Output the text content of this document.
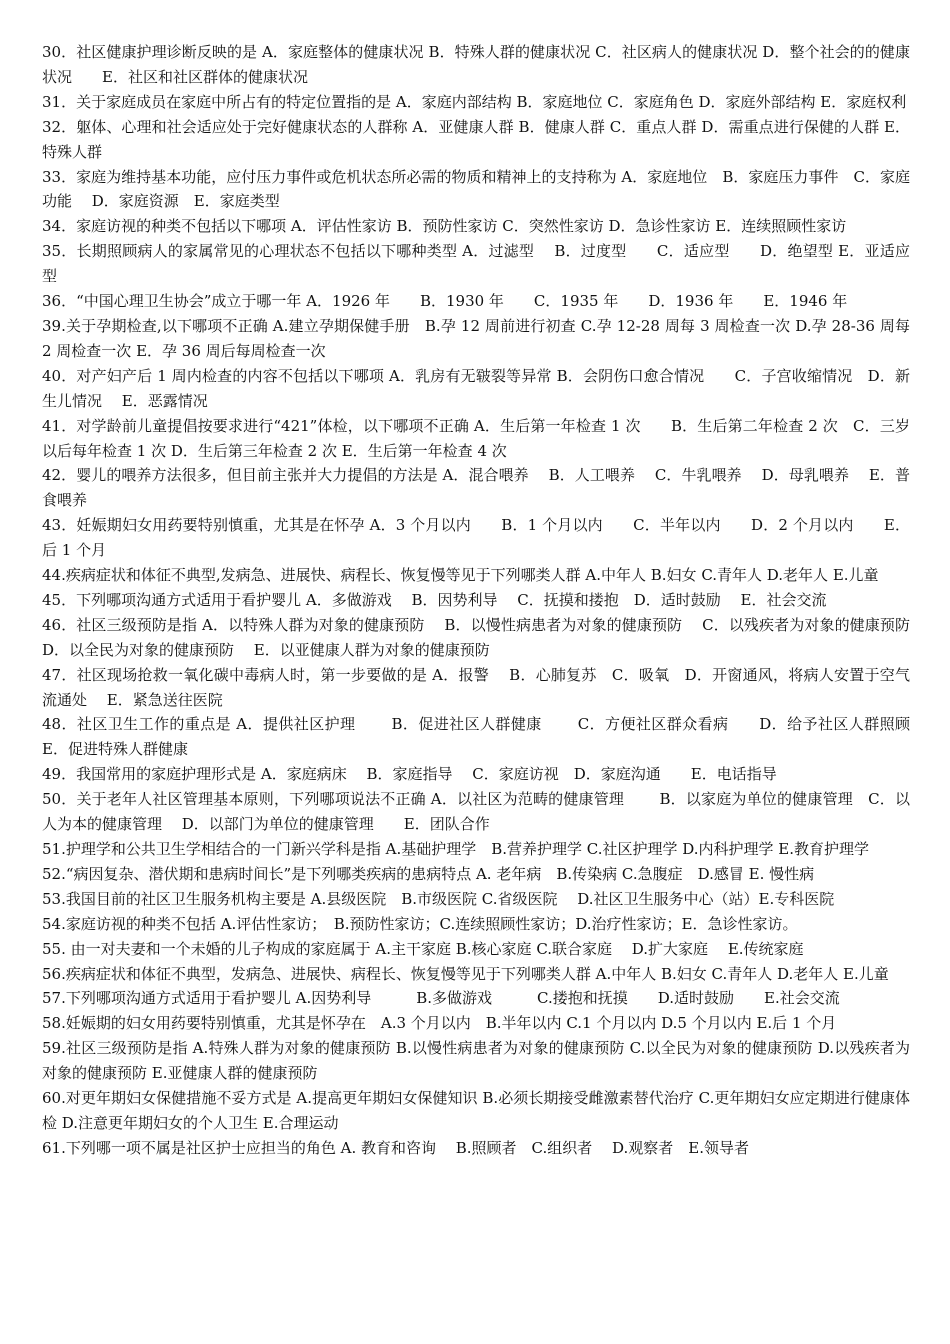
30．社区健康护理诊断反映的是 A．家庭整体的健康状况 B．特殊人群的健康状况 C．社区病人的健康状况 D．整个社会的的健康状况　　E．社区和社区群体的健康状况

31．关于家庭成员在家庭中所占有的特定位置指的是 A．家庭内部结构 B．家庭地位 C．家庭角色 D．家庭外部结构 E．家庭权利

32．躯体、心理和社会适应处于完好健康状态的人群称 A．亚健康人群 B．健康人群 C．重点人群 D．需重点进行保健的人群 E．特殊人群

33．家庭为维持基本功能，应付压力事件或危机状态所必需的物质和精神上的支持称为 A．家庭地位　B．家庭压力事件　C．家庭功能　 D．家庭资源　E．家庭类型

34．家庭访视的种类不包括以下哪项 A．评估性家访 B．预防性家访 C．突然性家访 D．急诊性家访 E．连续照顾性家访

35．长期照顾病人的家属常见的心理状态不包括以下哪种类型 A．过滤型　 B．过度型　　C．适应型　　D．绝望型 E．亚适应型

36．“中国心理卫生协会”成立于哪一年 A．1926 年　　B．1930 年　　C．1935 年　　D．1936 年　　E．1946 年

39.关于孕期检查,以下哪项不正确 A.建立孕期保健手册　B.孕 12 周前进行初查 C.孕 12-28 周每 3 周检查一次 D.孕 28-36 周每 2 周检查一次 E．孕 36 周后每周检查一次

40．对产妇产后 1 周内检查的内容不包括以下哪项 A．乳房有无皲裂等异常 B．会阴伤口愈合情况　　C．子宫收缩情况　D．新生儿情况　 E．恶露情况

41．对学龄前儿童提倡按要求进行“421”体检，以下哪项不正确 A．生后第一年检查 1 次　　B．生后第二年检查 2 次　C．三岁以后每年检查 1 次 D．生后第三年检查 2 次 E．生后第一年检查 4 次

42．婴儿的喂养方法很多，但目前主张并大力提倡的方法是 A．混合喂养　 B．人工喂养　 C．牛乳喂养　 D．母乳喂养　 E．普食喂养

43．妊娠期妇女用药要特别慎重，尤其是在怀孕 A．3 个月以内　　B．1 个月以内　　C．半年以内　　D．2 个月以内　　E．后 1 个月

44.疾病症状和体征不典型,发病急、进展快、病程长、恢复慢等见于下列哪类人群 A.中年人 B.妇女 C.青年人 D.老年人 E.儿童

45．下列哪项沟通方式适用于看护婴儿 A．多做游戏　 B．因势利导　 C．抚摸和搂抱　D．适时鼓励　 E．社会交流

46．社区三级预防是指 A．以特殊人群为对象的健康预防　 B．以慢性病患者为对象的健康预防　 C．以残疾者为对象的健康预防　D．以全民为对象的健康预防　 E．以亚健康人群为对象的健康预防

47．社区现场抢救一氧化碳中毒病人时，第一步要做的是 A．报警　 B．心肺复苏　C．吸氧　D．开窗通风，将病人安置于空气流通处　 E．紧急送往医院

48．社区卫生工作的重点是 A．提供社区护理　　 B．促进社区人群健康　　 C．方便社区群众看病　　D．给予社区人群照顾　 E．促进特殊人群健康

49．我国常用的家庭护理形式是 A．家庭病床　 B．家庭指导　 C．家庭访视　D．家庭沟通　　E．电话指导

50．关于老年人社区管理基本原则，下列哪项说法不正确 A．以社区为范畴的健康管理　　 B．以家庭为单位的健康管理　C．以人为本的健康管理　 D．以部门为单位的健康管理　　E．团队合作

51.护理学和公共卫生学相结合的一门新兴学科是指 A.基础护理学　B.营养护理学 C.社区护理学 D.内科护理学 E.教育护理学

52.“病因复杂、潜伏期和患病时间长”是下列哪类疾病的患病特点 A. 老年病　B.传染病 C.急腹症　D.感冒 E. 慢性病

53.我国目前的社区卫生服务机构主要是 A.县级医院　B.市级医院 C.省级医院　 D.社区卫生服务中心（站）E.专科医院

54.家庭访视的种类不包括 A.评估性家访；　B.预防性家访；C.连续照顾性家访；D.治疗性家访；E．急诊性家访。

55. 由一对夫妻和一个未婚的儿子构成的家庭属于 A.主干家庭 B.核心家庭 C.联合家庭　 D.扩大家庭　 E.传统家庭

56.疾病症状和体征不典型，发病急、进展快、病程长、恢复慢等见于下列哪类人群 A.中年人 B.妇女 C.青年人 D.老年人 E.儿童

57.下列哪项沟通方式适用于看护婴儿 A.因势利导　　　B.多做游戏　　　C.搂抱和抚摸　　D.适时鼓励　　E.社会交流

58.妊娠期的妇女用药要特别慎重，尤其是怀孕在　A.3 个月以内　B.半年以内 C.1 个月以内 D.5 个月以内 E.后 1 个月

59.社区三级预防是指 A.特殊人群为对象的健康预防 B.以慢性病患者为对象的健康预防 C.以全民为对象的健康预防 D.以残疾者为对象的健康预防 E.亚健康人群的健康预防

60.对更年期妇女保健措施不妥方式是 A.提高更年期妇女保健知识 B.必须长期接受雌激素替代治疗 C.更年期妇女应定期进行健康体检 D.注意更年期妇女的个人卫生 E.合理运动

61.下列哪一项不属是社区护士应担当的角色 A. 教育和咨询　 B.照顾者　C.组织者　 D.观察者　E.领导者
